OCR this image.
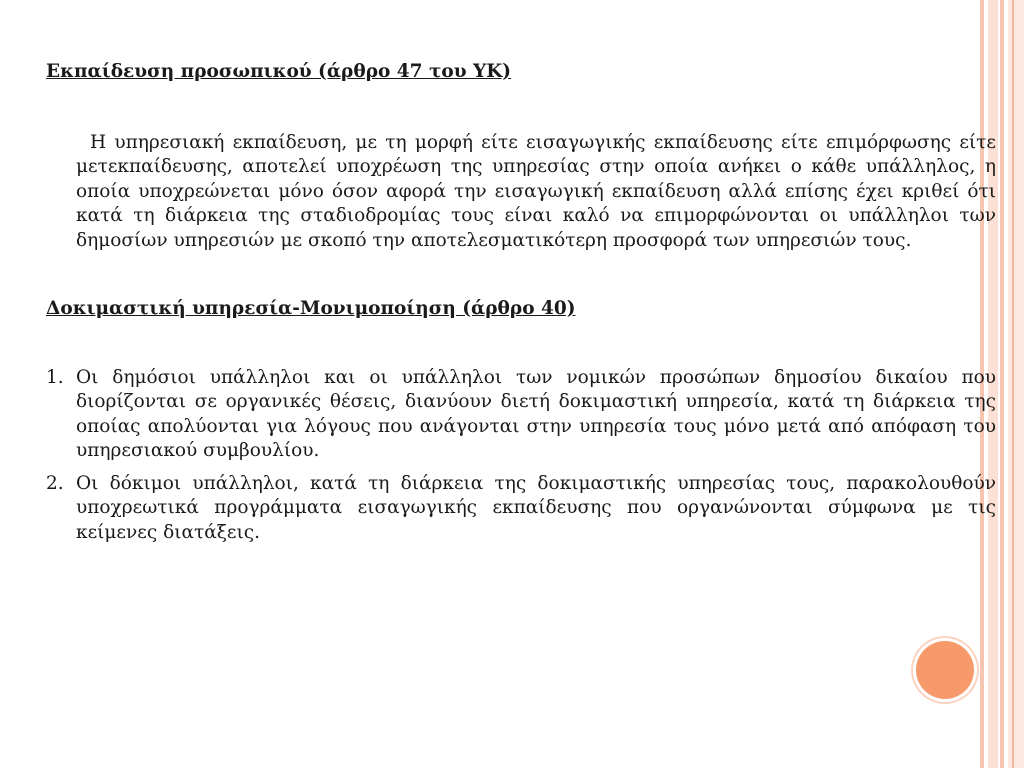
Εκπαίδευση προσωπικού (άρθρο 47 του ΥΚ)

Η υπηρεσιακή εκπαίδευση, με τη μορφή είτε εισαγωγικής εκπαίδευσης είτε επιμόρφωσης είτε μετεκπαίδευσης, αποτελεί υποχρέωση της υπηρεσίας στην οποία ανήκει ο κάθε υπάλληλος, η οποία υποχρεώνεται μόνο όσον αφορά την εισαγωγική εκπαίδευση αλλά επίσης έχει κριθεί ότι κατά τη διάρκεια της σταδιοδρομίας τους είναι καλό να επιμορφώνονται οι υπάλληλοι των δημοσίων υπηρεσιών με σκοπό την αποτελεσματικότερη προσφορά των υπηρεσιών τους.

Δοκιμαστική υπηρεσία-Μονιμοποίηση (άρθρο 40)

1. Οι δημόσιοι υπάλληλοι και οι υπάλληλοι των νομικών προσώπων δημοσίου δικαίου που διορίζονται σε οργανικές θέσεις, διανύουν διετή δοκιμαστική υπηρεσία, κατά τη διάρκεια της οποίας απολύονται για λόγους που ανάγονται στην υπηρεσία τους μόνο μετά από απόφαση του υπηρεσιακού συμβουλίου.
2. Οι δόκιμοι υπάλληλοι, κατά τη διάρκεια της δοκιμαστικής υπηρεσίας τους, παρακολουθούν υποχρεωτικά προγράμματα εισαγωγικής εκπαίδευσης που οργανώνονται σύμφωνα με τις κείμενες διατάξεις.
